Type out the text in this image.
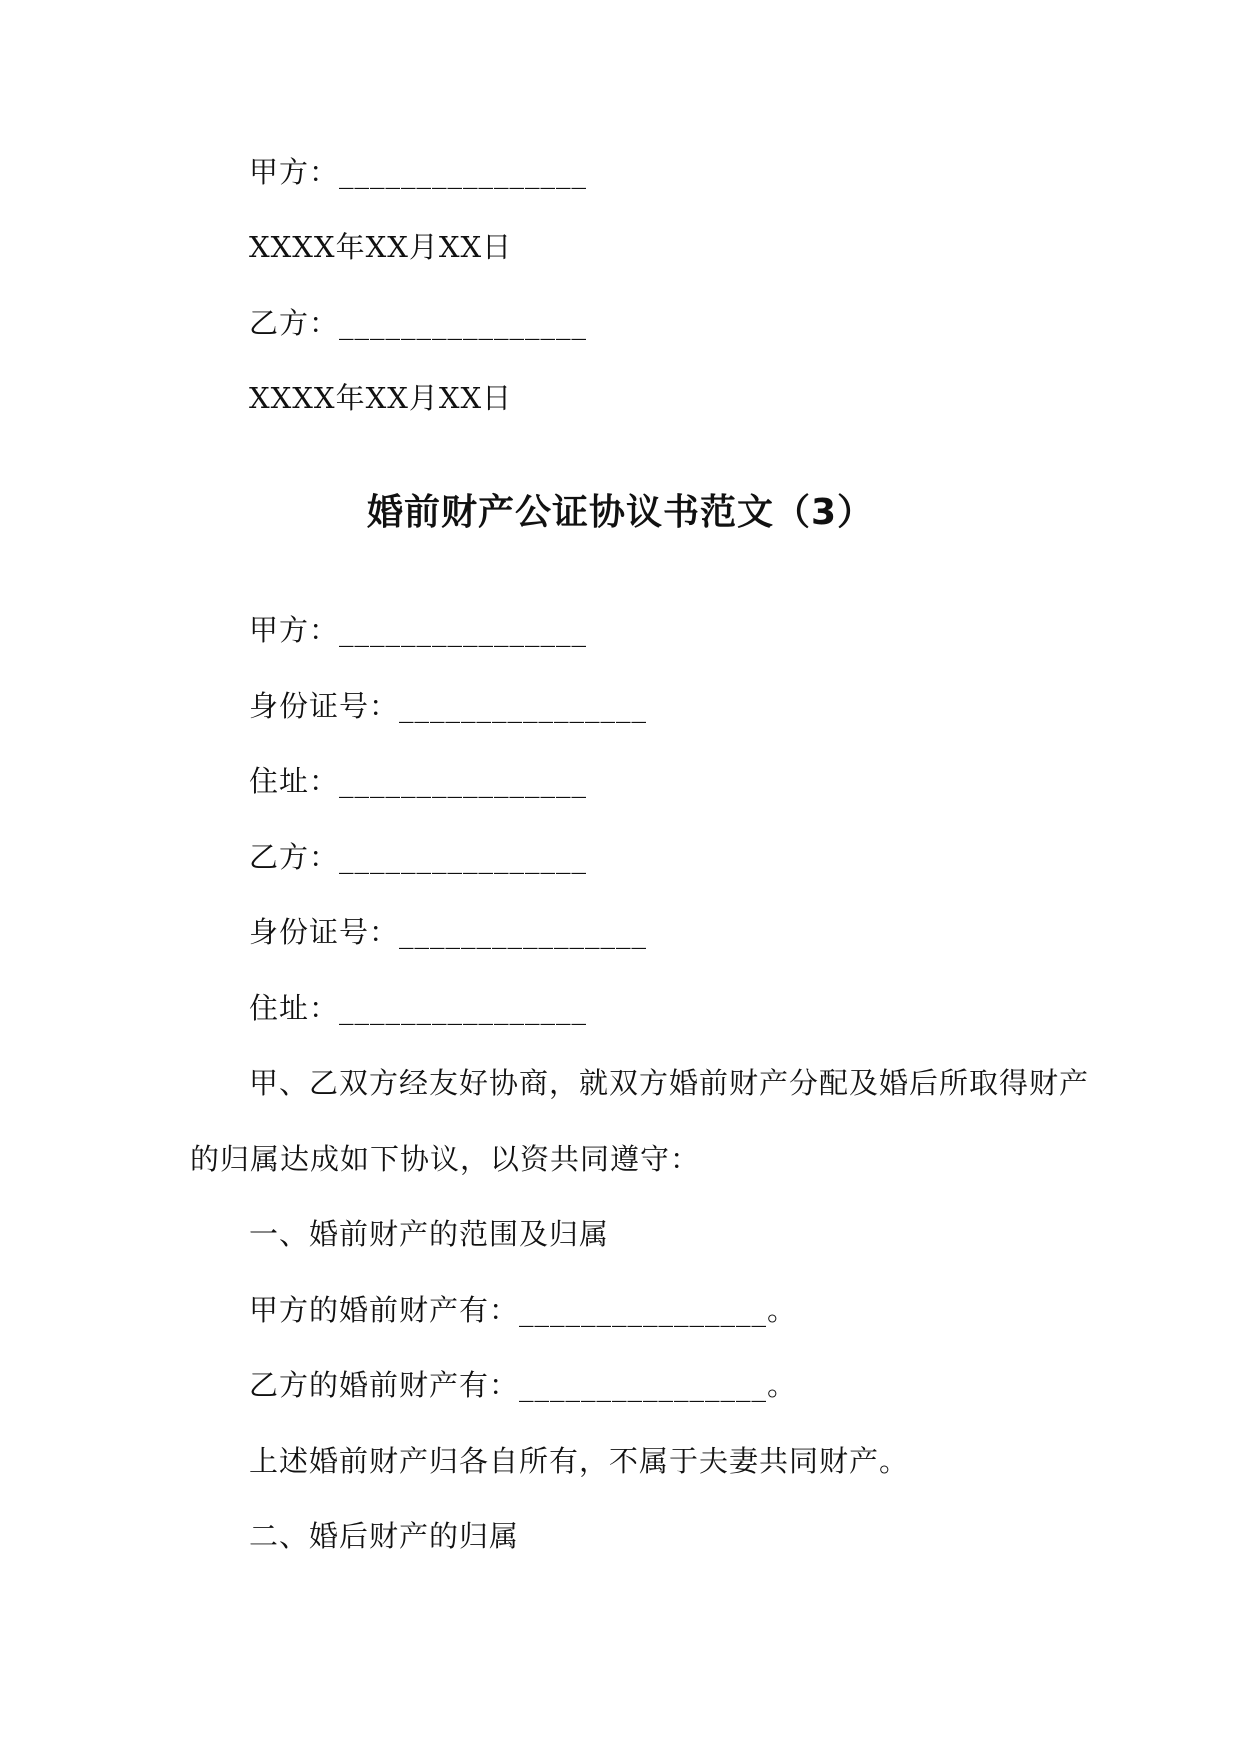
甲方：________________
XXXX年XX月XX日
乙方：________________
XXXX年XX月XX日
婚前财产公证协议书范文（3）
甲方：________________
身份证号：________________
住址：________________
乙方：________________
身份证号：________________
住址：________________
甲、乙双方经友好协商，就双方婚前财产分配及婚后所取得财产
的归属达成如下协议，以资共同遵守：
一、婚前财产的范围及归属
甲方的婚前财产有：________________。
乙方的婚前财产有：________________。
上述婚前财产归各自所有，不属于夫妻共同财产。
二、婚后财产的归属
